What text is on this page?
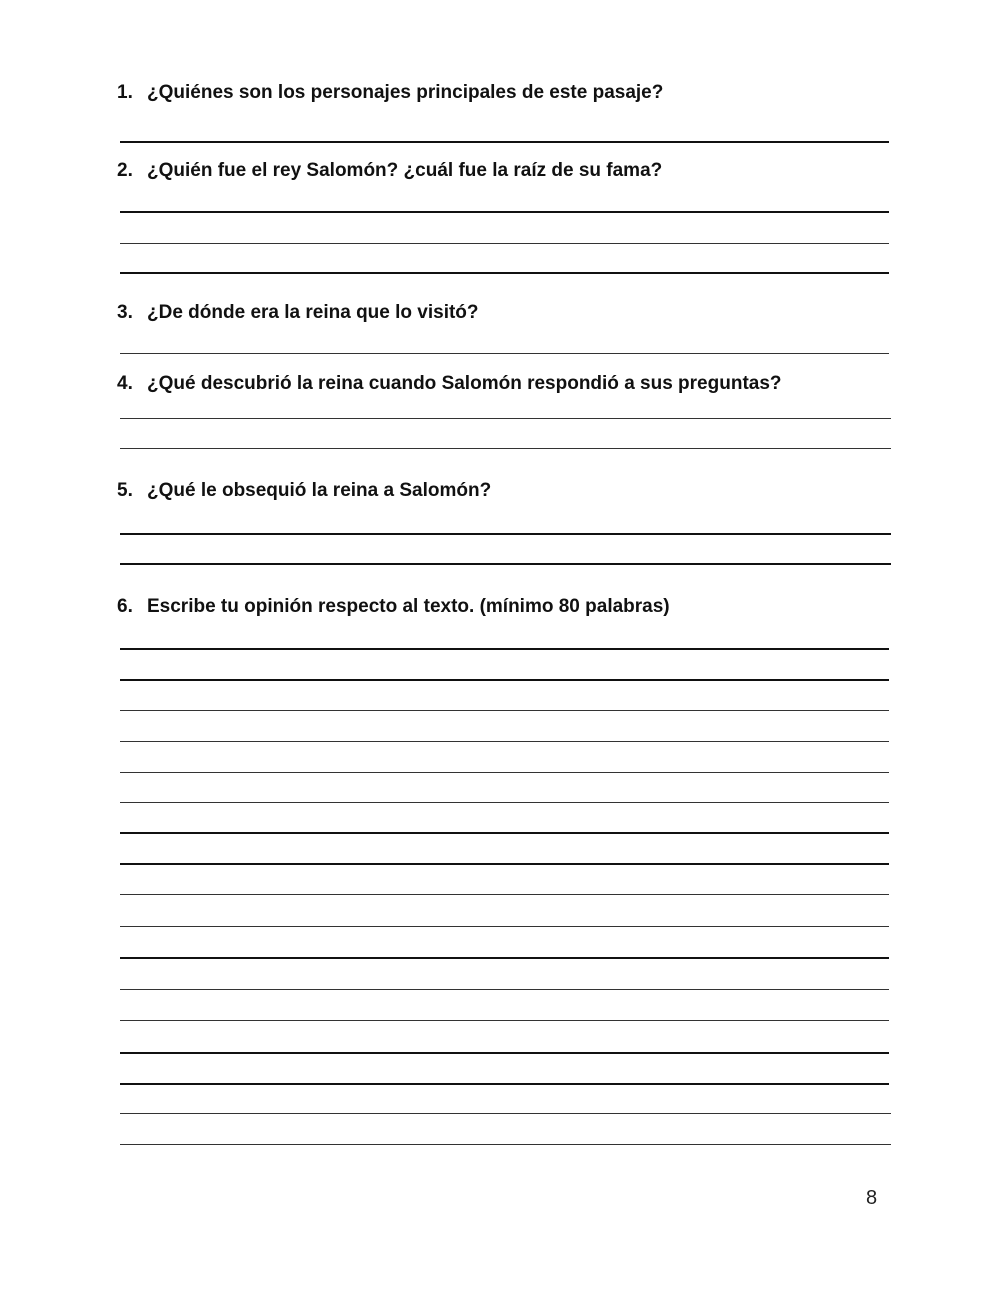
1. ¿Quiénes son los personajes principales de este pasaje?
2. ¿Quién fue el rey Salomón? ¿cuál fue la raíz de su fama?
3. ¿De dónde era la reina que lo visitó?
4. ¿Qué descubrió la reina cuando Salomón respondió a sus preguntas?
5. ¿Qué le obsequió la reina a Salomón?
6. Escribe tu opinión respecto al texto. (mínimo 80 palabras)
8
